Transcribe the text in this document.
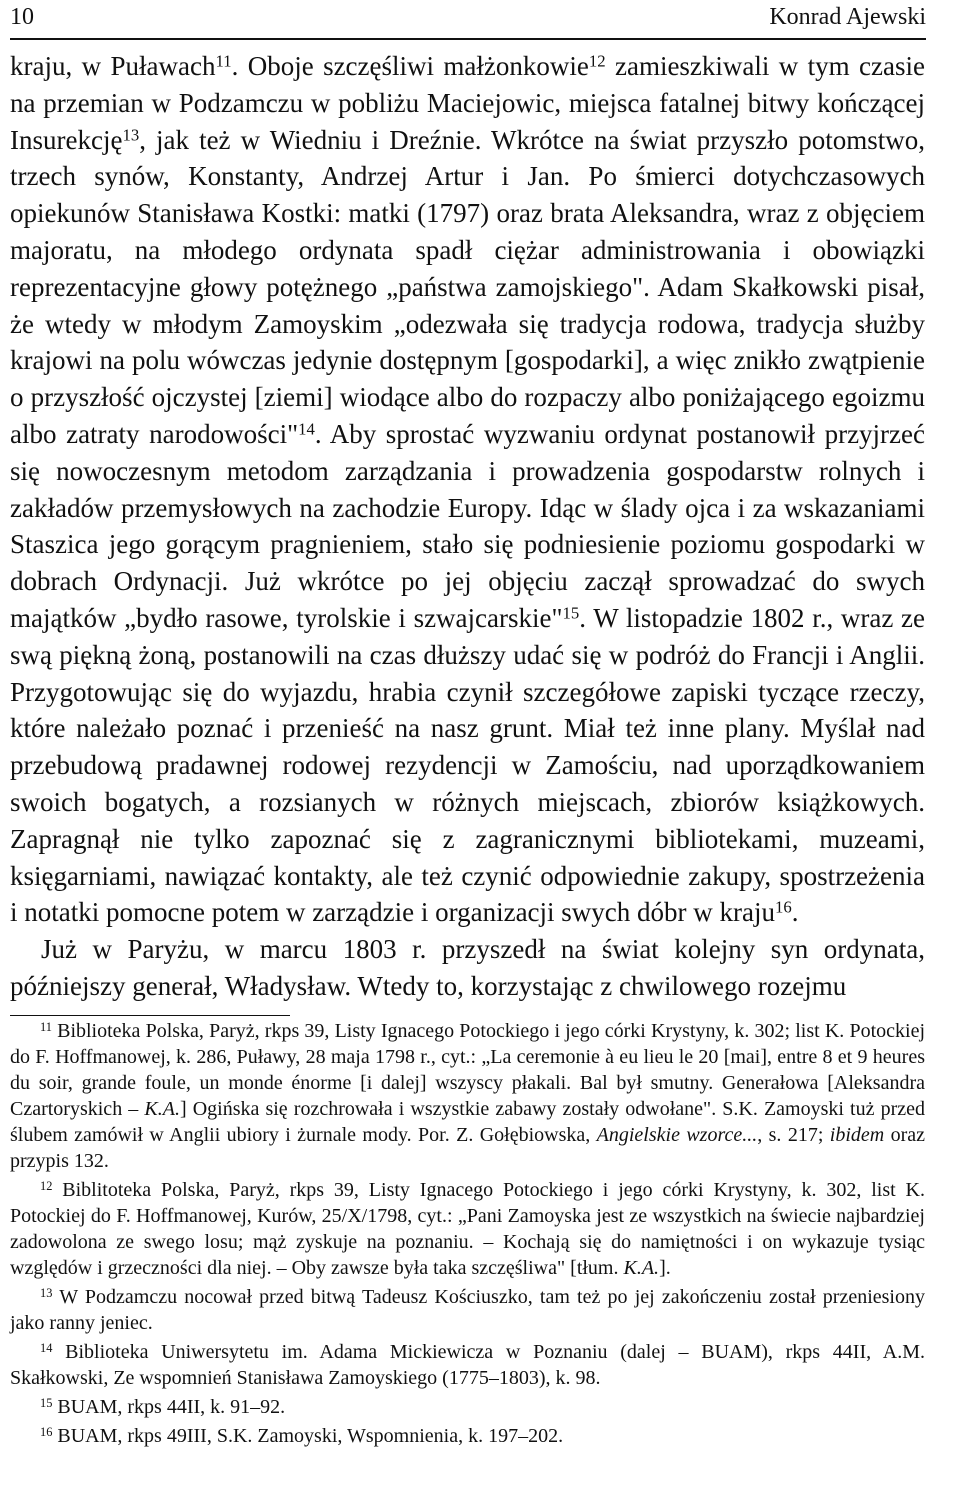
10	Konrad Ajewski

kraju, w Puławach$^{11}$. Oboje szczęśliwi małżonkowie$^{12}$ zamieszkiwali w tym czasie na przemian w Podzamczu w pobliżu Maciejowic, miejsca fatalnej bitwy kończącej Insurekcję$^{13}$, jak też w Wiedniu i Dreźnie. Wkrótce na świat przyszło potomstwo, trzech synów, Konstanty, Andrzej Artur i Jan. Po śmierci dotychczasowych opiekunów Stanisława Kostki: matki (1797) oraz brata Aleksandra, wraz z objęciem majoratu, na młodego ordynata spadł ciężar administrowania i obowiązki reprezentacyjne głowy potężnego „państwa zamojskiego". Adam Skałkowski pisał, że wtedy w młodym Zamoyskim „odezwała się tradycja rodowa, tradycja służby krajowi na polu wówczas jedynie dostępnym [gospodarki], a więc znikło zwątpienie o przyszłość ojczystej [ziemi] wiodące albo do rozpaczy albo poniżającego egoizmu albo zatraty narodowości"$^{14}$. Aby sprostać wyzwaniu ordynat postanowił przyjrzeć się nowoczesnym metodom zarządzania i prowadzenia gospodarstw rolnych i zakładów przemysłowych na zachodzie Europy. Idąc w ślady ojca i za wskazaniami Staszica jego gorącym pragnieniem, stało się podniesienie poziomu gospodarki w dobrach Ordynacji. Już wkrótce po jej objęciu zaczął sprowadzać do swych majątków „bydło rasowe, tyrolskie i szwajcarskie"$^{15}$. W listopadzie 1802 r., wraz ze swą piękną żoną, postanowili na czas dłuższy udać się w podróż do Francji i Anglii. Przygotowując się do wyjazdu, hrabia czynił szczegółowe zapiski tyczące rzeczy, które należało poznać i przenieść na nasz grunt. Miał też inne plany. Myślał nad przebudową pradawnej rodowej rezydencji w Zamościu, nad uporządkowaniem swoich bogatych, a rozsianych w różnych miejscach, zbiorów książkowych. Zapragnął nie tylko zapoznać się z zagranicznymi bibliotekami, muzeami, księgarniami, nawiązać kontakty, ale też czynić odpowiednie zakupy, spostrzeżenia i notatki pomocne potem w zarządzie i organizacji swych dóbr w kraju$^{16}$.

Już w Paryżu, w marcu 1803 r. przyszedł na świat kolejny syn ordynata, późniejszy generał, Władysław. Wtedy to, korzystając z chwilowego rozejmu

$^{11}$ Biblioteka Polska, Paryż, rkps 39, Listy Ignacego Potockiego i jego córki Krystyny, k. 302; list K. Potockiej do F. Hoffmanowej, k. 286, Puławy, 28 maja 1798 r., cyt.: „La ceremonie à eu lieu le 20 [mai], entre 8 et 9 heures du soir, grande foule, un monde énorme [i dalej] wszyscy płakali. Bal był smutny. Generałowa [Aleksandra Czartoryskich – K.A.] Ogińska się rozchrowała i wszystkie zabawy zostały odwołane". S.K. Zamoyski tuż przed ślubem zamówił w Anglii ubiory i żurnale mody. Por. Z. Gołębiowska, Angielskie wzorce..., s. 217; ibidem oraz przypis 132.

$^{12}$ Biblitoteka Polska, Paryż, rkps 39, Listy Ignacego Potockiego i jego córki Krystyny, k. 302, list K. Potockiej do F. Hoffmanowej, Kurów, 25/X/1798, cyt.: „Pani Zamoyska jest ze wszystkich na świecie najbardziej zadowolona ze swego losu; mąż zyskuje na poznaniu. – Kochają się do namiętności i on wykazuje tysiąc względów i grzeczności dla niej. – Oby zawsze była taka szczęśliwa" [tłum. K.A.].

$^{13}$ W Podzamczu nocował przed bitwą Tadeusz Kościuszko, tam też po jej zakończeniu został przeniesiony jako ranny jeniec.

$^{14}$ Biblioteka Uniwersytetu im. Adama Mickiewicza w Poznaniu (dalej – BUAM), rkps 44II, A.M. Skałkowski, Ze wspomnień Stanisława Zamoyskiego (1775–1803), k. 98.

$^{15}$ BUAM, rkps 44II, k. 91–92.

$^{16}$ BUAM, rkps 49III, S.K. Zamoyski, Wspomnienia, k. 197–202.
